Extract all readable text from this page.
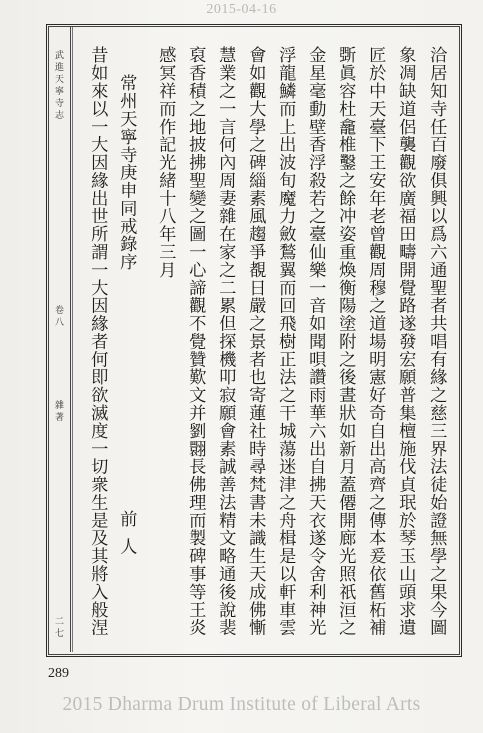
2015-04-16
武進天寧寺志
卷八
雜著
二七	洽居知寺任百廢俱興以爲六通聖者共唱有緣之慈三界法徒始證無學之果今圖
象凋缺道侶襲觀欲廣福田疇開覺路遂發宏願普集檀施伐貞珉於琴玉山頭求遺
匠於中天臺下王安年老曾觀周穆之道場明憲好奇自出高齊之傳本爰依舊柘補
斲眞容杜龕椎鑿之餘冲姿重煥衡陽塗附之後晝狀如新月蓋僊開廊光照祇洹之
金星毫動壁香浮殺若之臺仙樂一音如聞唄讚雨華六出自拂天衣遂令舍利神光
浮龍鱗而上出波旬魔力斂鶖翼而回飛樹正法之干城蕩迷津之舟楫是以軒車雲
會如觀大學之碑緇素風趨爭覩日嚴之景者也寄蓮社時尋梵書未識生天成佛慚
慧業之一言何內周妻雜在家之二累但探機叩寂願會素誠善法精文略通後說裴
裒香積之地披拂聖變之圖一心諦觀不覺贊歎文并劉翾長佛理而製碑事等王炎
感冥祥而作記光緒十八年三月
常州天寧寺庚申同戒錄序
前人
昔如來以一大因緣出世所謂一大因緣者何即欲滅度一切衆生是及其將入般涅
289
2015 Dharma Drum Institute of Liberal Arts
